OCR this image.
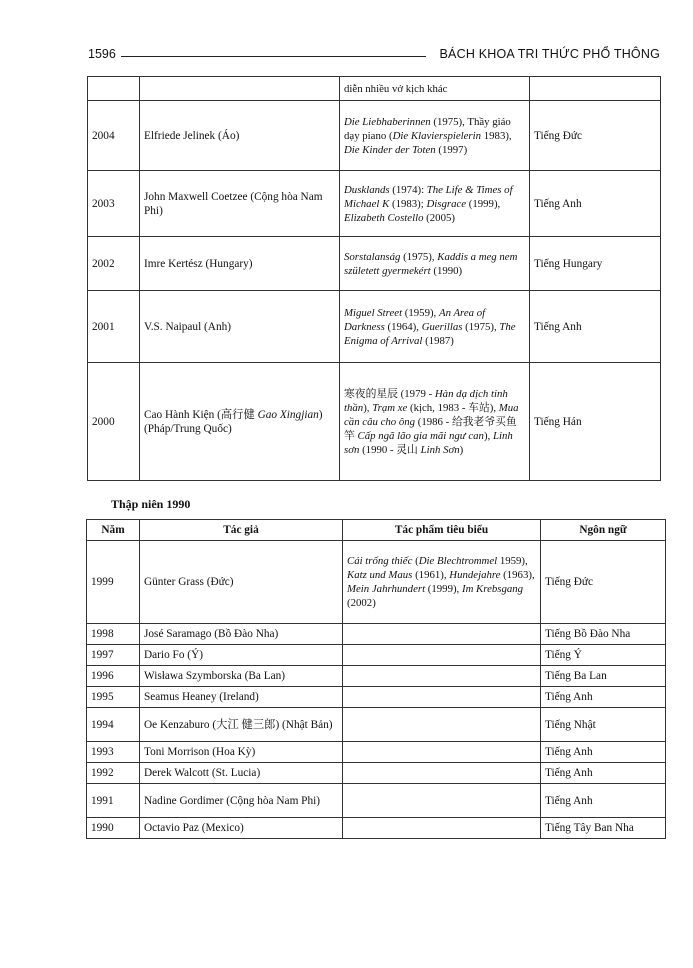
1596	BÁCH KHOA TRI THỨC PHỔ THÔNG
		diễn nhiều vở kịch khác	
2004	Elfriede Jelinek (Áo)	Die Liebhaberinnen (1975), Thầy giáo dạy piano (Die Klavierspielerin 1983), Die Kinder der Toten (1997)	Tiếng Đức
2003	John Maxwell Coetzee (Cộng hòa Nam Phi)	Dusklands (1974): The Life & Times of Michael K (1983); Disgrace (1999), Elizabeth Costello (2005)	Tiếng Anh
2002	Imre Kertész (Hungary)	Sorstalanság (1975), Kaddis a meg nem született gyermekért (1990)	Tiếng Hungary
2001	V.S. Naipaul (Anh)	Miguel Street (1959), An Area of Darkness (1964), Guerillas (1975), The Enigma of Arrival (1987)	Tiếng Anh
2000	Cao Hành Kiện (高行健 Gao Xingjian) (Pháp/Trung Quốc)	寒夜的星辰 (1979 - Hàn dạ dịch tinh thần), Trạm xe (kịch, 1983 - 车站), Mua cần câu cho ông (1986 - 给我老爷买鱼竿 Cấp ngã lão gia mãi ngư can), Linh sơn (1990 - 灵山 Linh Sơn)	Tiếng Hán
Thập niên 1990
Năm	Tác giả	Tác phẩm tiêu biểu	Ngôn ngữ
1999	Günter Grass (Đức)	Cái trống thiếc (Die Blechtrommel 1959), Katz und Maus (1961), Hundejahre (1963), Mein Jahrhundert (1999), Im Krebsgang (2002)	Tiếng Đức
1998	José Saramago (Bồ Đào Nha)		Tiếng Bồ Đào Nha
1997	Dario Fo (Ý)		Tiếng Ý
1996	Wisława Szymborska (Ba Lan)		Tiếng Ba Lan
1995	Seamus Heaney (Ireland)		Tiếng Anh
1994	Oe Kenzaburo (大江 健三郎) (Nhật Bản)		Tiếng Nhật
1993	Toni Morrison (Hoa Kỳ)		Tiếng Anh
1992	Derek Walcott (St. Lucia)		Tiếng Anh
1991	Nadine Gordimer (Cộng hòa Nam Phi)		Tiếng Anh
1990	Octavio Paz (Mexico)		Tiếng Tây Ban Nha
